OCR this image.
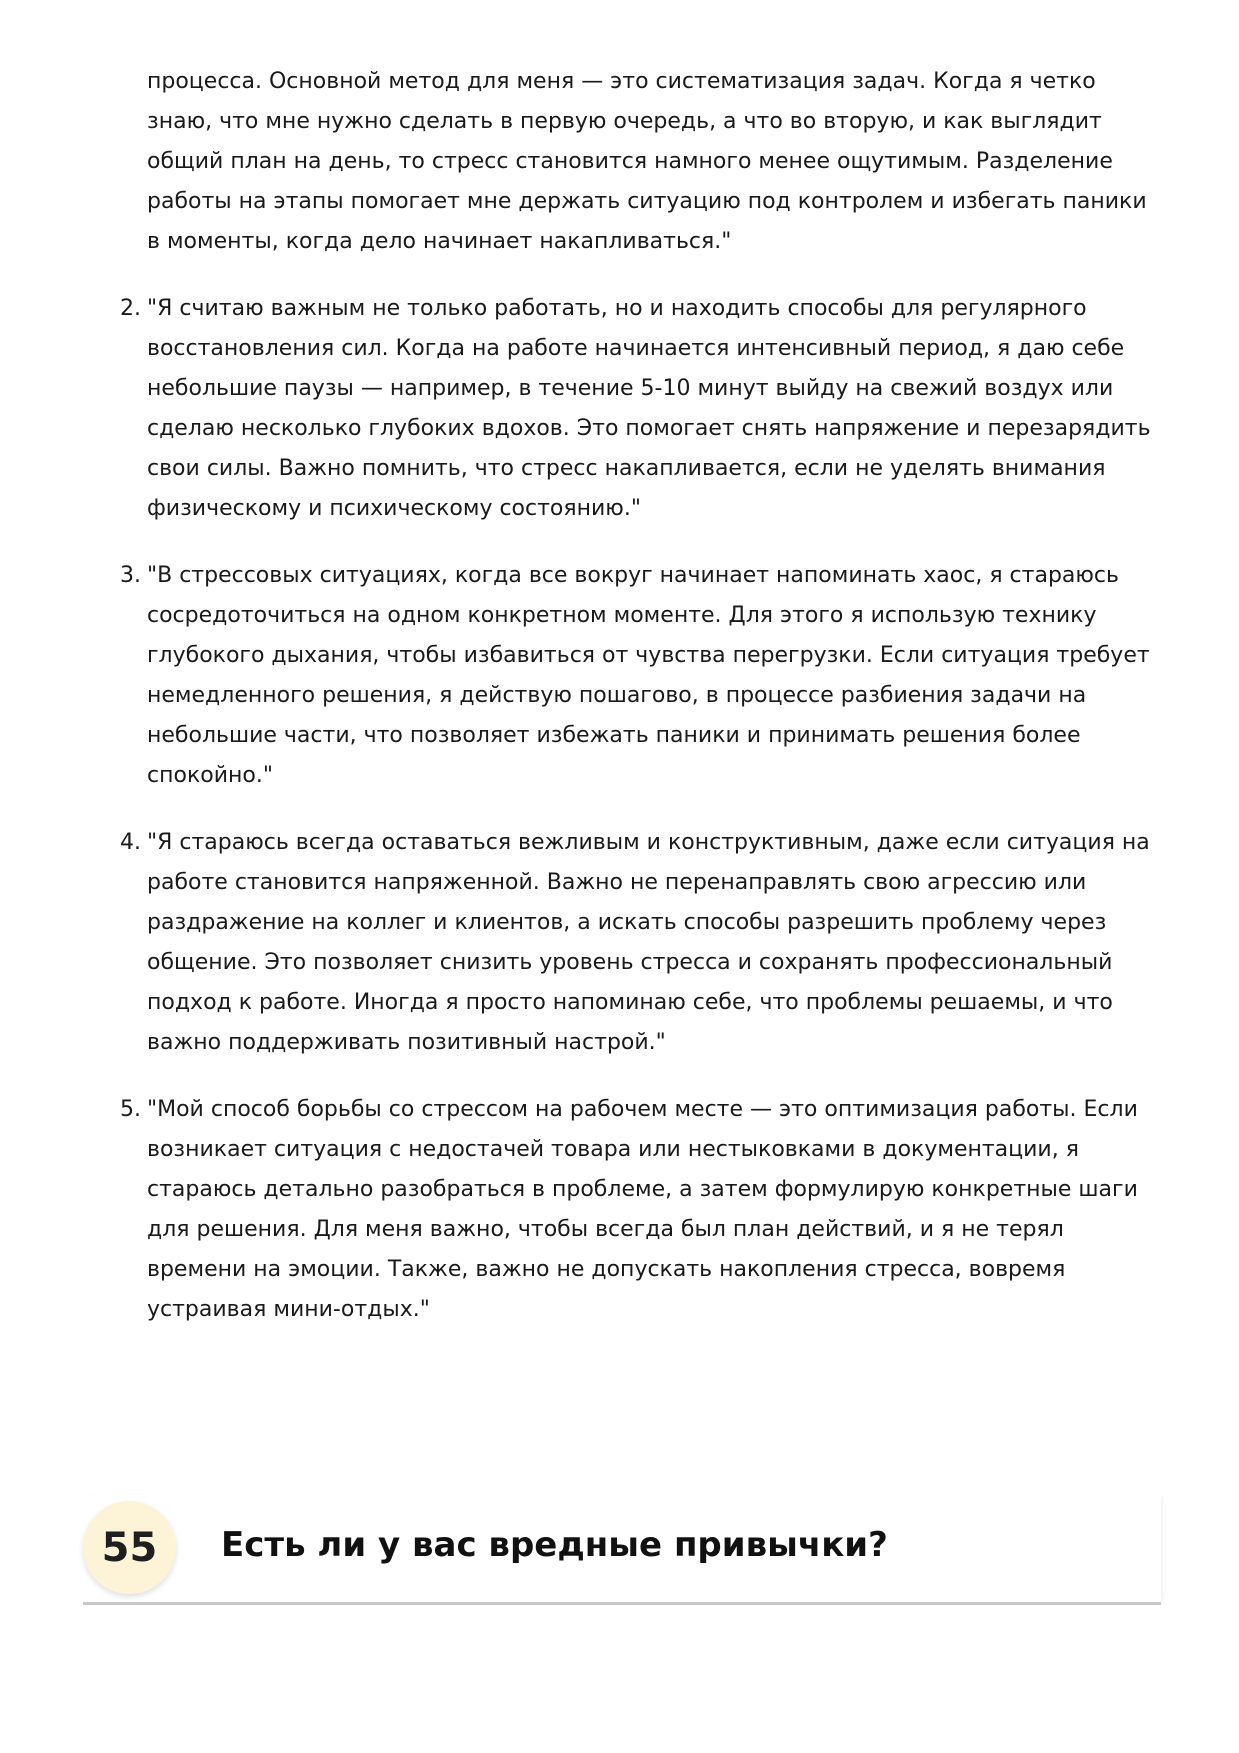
процесса. Основной метод для меня — это систематизация задач. Когда я четко знаю, что мне нужно сделать в первую очередь, а что во вторую, и как выглядит общий план на день, то стресс становится намного менее ощутимым. Разделение работы на этапы помогает мне держать ситуацию под контролем и избегать паники в моменты, когда дело начинает накапливаться."

2. "Я считаю важным не только работать, но и находить способы для регулярного восстановления сил. Когда на работе начинается интенсивный период, я даю себе небольшие паузы — например, в течение 5-10 минут выйду на свежий воздух или сделаю несколько глубоких вдохов. Это помогает снять напряжение и перезарядить свои силы. Важно помнить, что стресс накапливается, если не уделять внимания физическому и психическому состоянию."
3. "В стрессовых ситуациях, когда все вокруг начинает напоминать хаос, я стараюсь сосредоточиться на одном конкретном моменте. Для этого я использую технику глубокого дыхания, чтобы избавиться от чувства перегрузки. Если ситуация требует немедленного решения, я действую пошагово, в процессе разбиения задачи на небольшие части, что позволяет избежать паники и принимать решения более спокойно."
4. "Я стараюсь всегда оставаться вежливым и конструктивным, даже если ситуация на работе становится напряженной. Важно не перенаправлять свою агрессию или раздражение на коллег и клиентов, а искать способы разрешить проблему через общение. Это позволяет снизить уровень стресса и сохранять профессиональный подход к работе. Иногда я просто напоминаю себе, что проблемы решаемы, и что важно поддерживать позитивный настрой."
5. "Мой способ борьбы со стрессом на рабочем месте — это оптимизация работы. Если возникает ситуация с недостачей товара или нестыковками в документации, я стараюсь детально разобраться в проблеме, а затем формулирую конкретные шаги для решения. Для меня важно, чтобы всегда был план действий, и я не терял времени на эмоции. Также, важно не допускать накопления стресса, вовремя устраивая мини-отдых."
55	Есть ли у вас вредные привычки?
